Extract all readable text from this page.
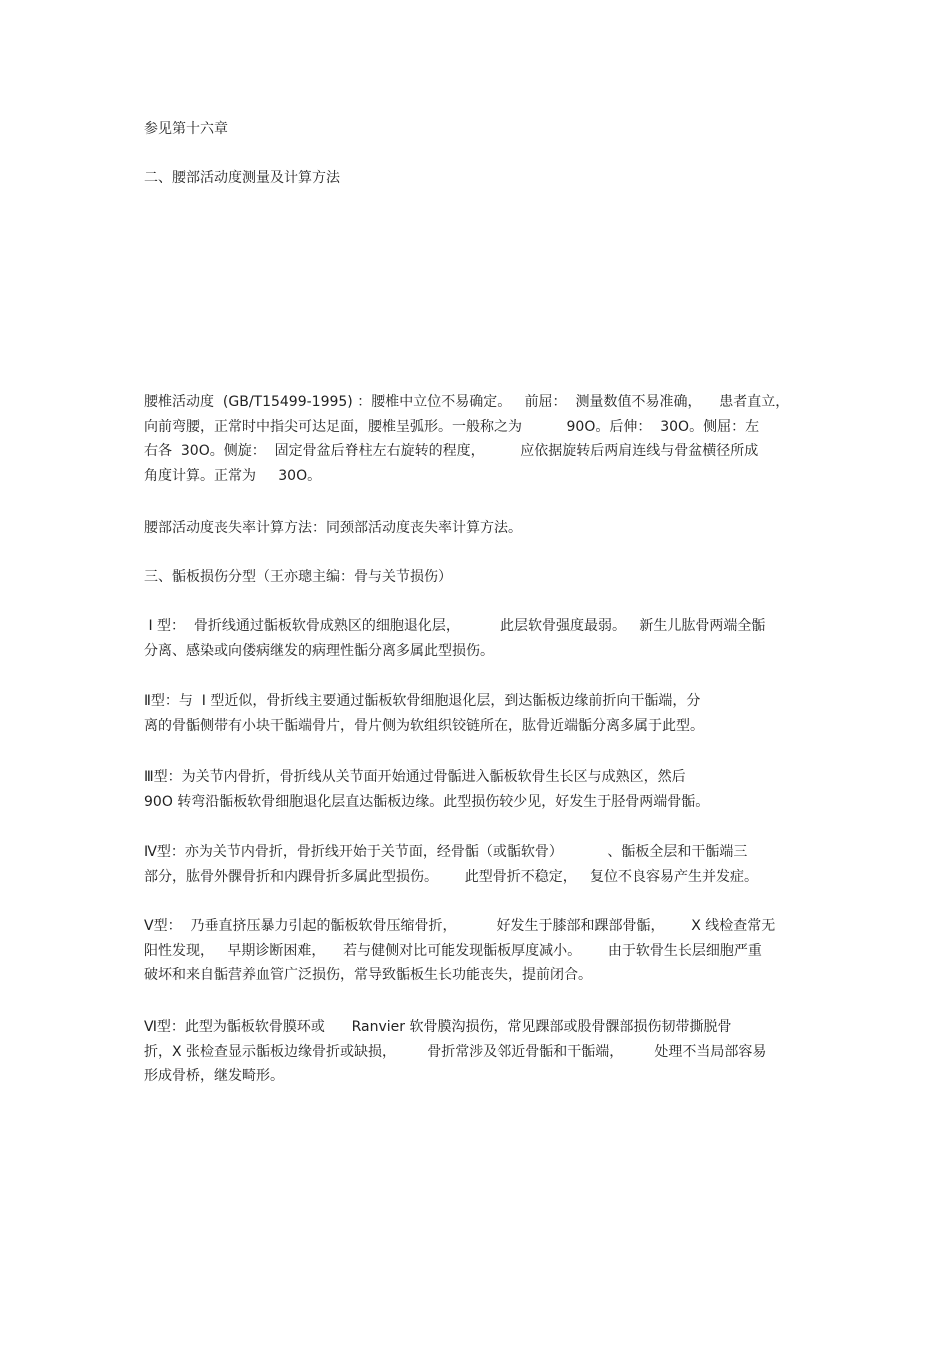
参见第十六章
二、腰部活动度测量及计算方法
腰椎活动度  (GB/T15499-1995) ：腰椎中立位不易确定。   前屈：  测量数值不易准确，    患者直立，
向前弯腰，正常时中指尖可达足面，腰椎呈弧形。一般称之为          90O。后伸：  30O。侧屈：左
右各  30O。侧旋：  固定骨盆后脊柱左右旋转的程度，        应依据旋转后两肩连线与骨盆横径所成
角度计算。正常为     30O。
腰部活动度丧失率计算方法：同颈部活动度丧失率计算方法。
三、骺板损伤分型（王亦璁主编：骨与关节损伤）
I 型：  骨折线通过骺板软骨成熟区的细胞退化层，         此层软骨强度最弱。   新生儿肱骨两端全骺
分离、感染或向偻病继发的病理性骺分离多属此型损伤。
Ⅱ型：与  I 型近似，骨折线主要通过骺板软骨细胞退化层，到达骺板边缘前折向干骺端，分
离的骨骺侧带有小块干骺端骨片，骨片侧为软组织铰链所在，肱骨近端骺分离多属于此型。
Ⅲ型：为关节内骨折，骨折线从关节面开始通过骨骺进入骺板软骨生长区与成熟区，然后
90O 转弯沿骺板软骨细胞退化层直达骺板边缘。此型损伤较少见，好发生于胫骨两端骨骺。
Ⅳ型：亦为关节内骨折，骨折线开始于关节面，经骨骺（或骺软骨）          、骺板全层和干骺端三
部分，肱骨外髁骨折和内踝骨折多属此型损伤。      此型骨折不稳定，   复位不良容易产生并发症。
Ⅴ型：  乃垂直挤压暴力引起的骺板软骨压缩骨折，         好发生于膝部和踝部骨骺，      X 线检查常无
阳性发现，   早期诊断困难，    若与健侧对比可能发现骺板厚度减小。      由于软骨生长层细胞严重
破坏和来自骺营养血管广泛损伤，常导致骺板生长功能丧失，提前闭合。
Ⅵ型：此型为骺板软骨膜环或      Ranvier 软骨膜沟损伤，常见踝部或股骨髁部损伤韧带撕脱骨
折，X 张检查显示骺板边缘骨折或缺损，       骨折常涉及邻近骨骺和干骺端，       处理不当局部容易
形成骨桥，继发畸形。
